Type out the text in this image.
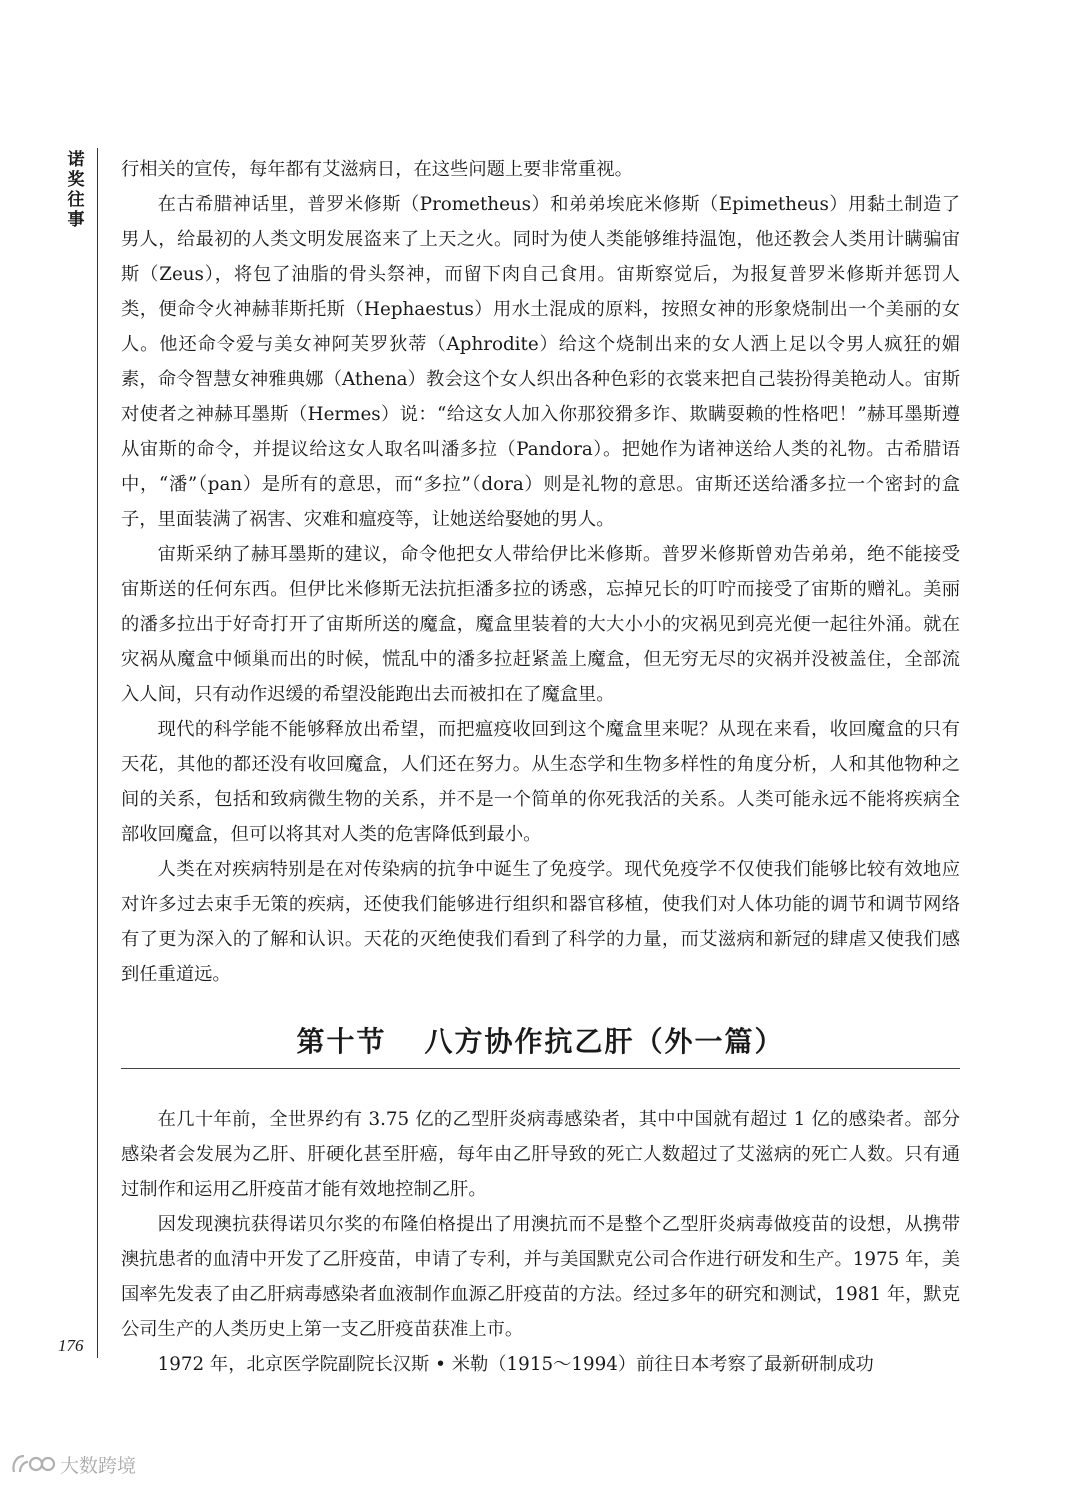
诺
奖
往
事

行相关的宣传，每年都有艾滋病日，在这些问题上要非常重视。

在古希腊神话里，普罗米修斯（Prometheus）和弟弟埃庇米修斯（Epimetheus）用黏土制造了男人，给最初的人类文明发展盗来了上天之火。同时为使人类能够维持温饱，他还教会人类用计瞒骗宙斯（Zeus），将包了油脂的骨头祭神，而留下肉自己食用。宙斯察觉后，为报复普罗米修斯并惩罚人类，便命令火神赫菲斯托斯（Hephaestus）用水土混成的原料，按照女神的形象烧制出一个美丽的女人。他还命令爱与美女神阿芙罗狄蒂（Aphrodite）给这个烧制出来的女人洒上足以令男人疯狂的媚素，命令智慧女神雅典娜（Athena）教会这个女人织出各种色彩的衣裳来把自己装扮得美艳动人。宙斯对使者之神赫耳墨斯（Hermes）说：“给这女人加入你那狡猾多诈、欺瞒耍赖的性格吧！”赫耳墨斯遵从宙斯的命令，并提议给这女人取名叫潘多拉（Pandora）。把她作为诸神送给人类的礼物。古希腊语中，“潘”（pan）是所有的意思，而“多拉”（dora）则是礼物的意思。宙斯还送给潘多拉一个密封的盒子，里面装满了祸害、灾难和瘟疫等，让她送给娶她的男人。

宙斯采纳了赫耳墨斯的建议，命令他把女人带给伊比米修斯。普罗米修斯曾劝告弟弟，绝不能接受宙斯送的任何东西。但伊比米修斯无法抗拒潘多拉的诱惑，忘掉兄长的叮咛而接受了宙斯的赠礼。美丽的潘多拉出于好奇打开了宙斯所送的魔盒，魔盒里装着的大大小小的灾祸见到亮光便一起往外涌。就在灾祸从魔盒中倾巢而出的时候，慌乱中的潘多拉赶紧盖上魔盒，但无穷无尽的灾祸并没被盖住，全部流入人间，只有动作迟缓的希望没能跑出去而被扣在了魔盒里。

现代的科学能不能够释放出希望，而把瘟疫收回到这个魔盒里来呢？从现在来看，收回魔盒的只有天花，其他的都还没有收回魔盒，人们还在努力。从生态学和生物多样性的角度分析，人和其他物种之间的关系，包括和致病微生物的关系，并不是一个简单的你死我活的关系。人类可能永远不能将疾病全部收回魔盒，但可以将其对人类的危害降低到最小。

人类在对疾病特别是在对传染病的抗争中诞生了免疫学。现代免疫学不仅使我们能够比较有效地应对许多过去束手无策的疾病，还使我们能够进行组织和器官移植，使我们对人体功能的调节和调节网络有了更为深入的了解和认识。天花的灭绝使我们看到了科学的力量，而艾滋病和新冠的肆虐又使我们感到任重道远。

第十节 八方协作抗乙肝（外一篇）

在几十年前，全世界约有 3.75 亿的乙型肝炎病毒感染者，其中中国就有超过 1 亿的感染者。部分感染者会发展为乙肝、肝硬化甚至肝癌，每年由乙肝导致的死亡人数超过了艾滋病的死亡人数。只有通过制作和运用乙肝疫苗才能有效地控制乙肝。

因发现澳抗获得诺贝尔奖的布隆伯格提出了用澳抗而不是整个乙型肝炎病毒做疫苗的设想，从携带澳抗患者的血清中开发了乙肝疫苗，申请了专利，并与美国默克公司合作进行研发和生产。1975 年，美国率先发表了由乙肝病毒感染者血液制作血源乙肝疫苗的方法。经过多年的研究和测试，1981 年，默克公司生产的人类历史上第一支乙肝疫苗获准上市。

1972 年，北京医学院副院长汉斯 • 米勒（1915～1994）前往日本考察了最新研制成功

176
大数跨境
